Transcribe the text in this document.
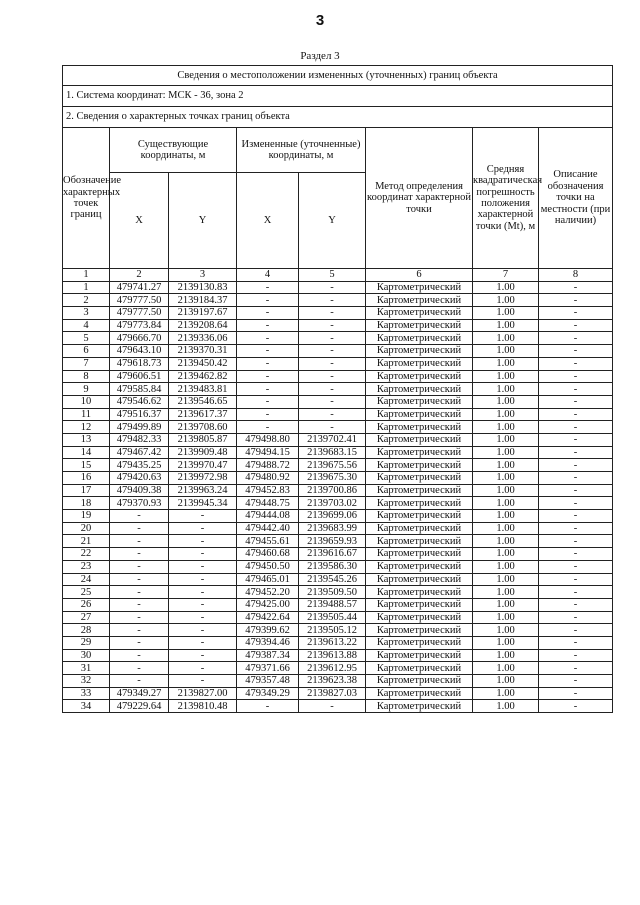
3
Раздел 3
Сведения о местоположении измененных (уточненных) границ объекта							
1. Система координат: МСК - 36, зона 2							
2. Сведения о характерных точках границ объекта							
Обозначение характерных точек границ	Существующие координаты, м		Измененные (уточненные) координаты, м		Метод определения координат характерной точки	Средняя квадратическая погрешность положения характерной точки (Mt), м	Описание обозначения точки на местности (при наличии)
	X	Y	X	Y			
1	2	3	4	5	6	7	8
1	479741.27	2139130.83	-	-	Картометрический	1.00	-
2	479777.50	2139184.37	-	-	Картометрический	1.00	-
3	479777.50	2139197.67	-	-	Картометрический	1.00	-
4	479773.84	2139208.64	-	-	Картометрический	1.00	-
5	479666.70	2139336.06	-	-	Картометрический	1.00	-
6	479643.10	2139370.31	-	-	Картометрический	1.00	-
7	479618.73	2139450.42	-	-	Картометрический	1.00	-
8	479606.51	2139462.82	-	-	Картометрический	1.00	-
9	479585.84	2139483.81	-	-	Картометрический	1.00	-
10	479546.62	2139546.65	-	-	Картометрический	1.00	-
11	479516.37	2139617.37	-	-	Картометрический	1.00	-
12	479499.89	2139708.60	-	-	Картометрический	1.00	-
13	479482.33	2139805.87	479498.80	2139702.41	Картометрический	1.00	-
14	479467.42	2139909.48	479494.15	2139683.15	Картометрический	1.00	-
15	479435.25	2139970.47	479488.72	2139675.56	Картометрический	1.00	-
16	479420.63	2139972.98	479480.92	2139675.30	Картометрический	1.00	-
17	479409.38	2139963.24	479452.83	2139700.86	Картометрический	1.00	-
18	479370.93	2139945.34	479448.75	2139703.02	Картометрический	1.00	-
19	-	-	479444.08	2139699.06	Картометрический	1.00	-
20	-	-	479442.40	2139683.99	Картометрический	1.00	-
21	-	-	479455.61	2139659.93	Картометрический	1.00	-
22	-	-	479460.68	2139616.67	Картометрический	1.00	-
23	-	-	479450.50	2139586.30	Картометрический	1.00	-
24	-	-	479465.01	2139545.26	Картометрический	1.00	-
25	-	-	479452.20	2139509.50	Картометрический	1.00	-
26	-	-	479425.00	2139488.57	Картометрический	1.00	-
27	-	-	479422.64	2139505.44	Картометрический	1.00	-
28	-	-	479399.62	2139505.12	Картометрический	1.00	-
29	-	-	479394.46	2139613.22	Картометрический	1.00	-
30	-	-	479387.34	2139613.88	Картометрический	1.00	-
31	-	-	479371.66	2139612.95	Картометрический	1.00	-
32	-	-	479357.48	2139623.38	Картометрический	1.00	-
33	479349.27	2139827.00	479349.29	2139827.03	Картометрический	1.00	-
34	479229.64	2139810.48	-	-	Картометрический	1.00	-
